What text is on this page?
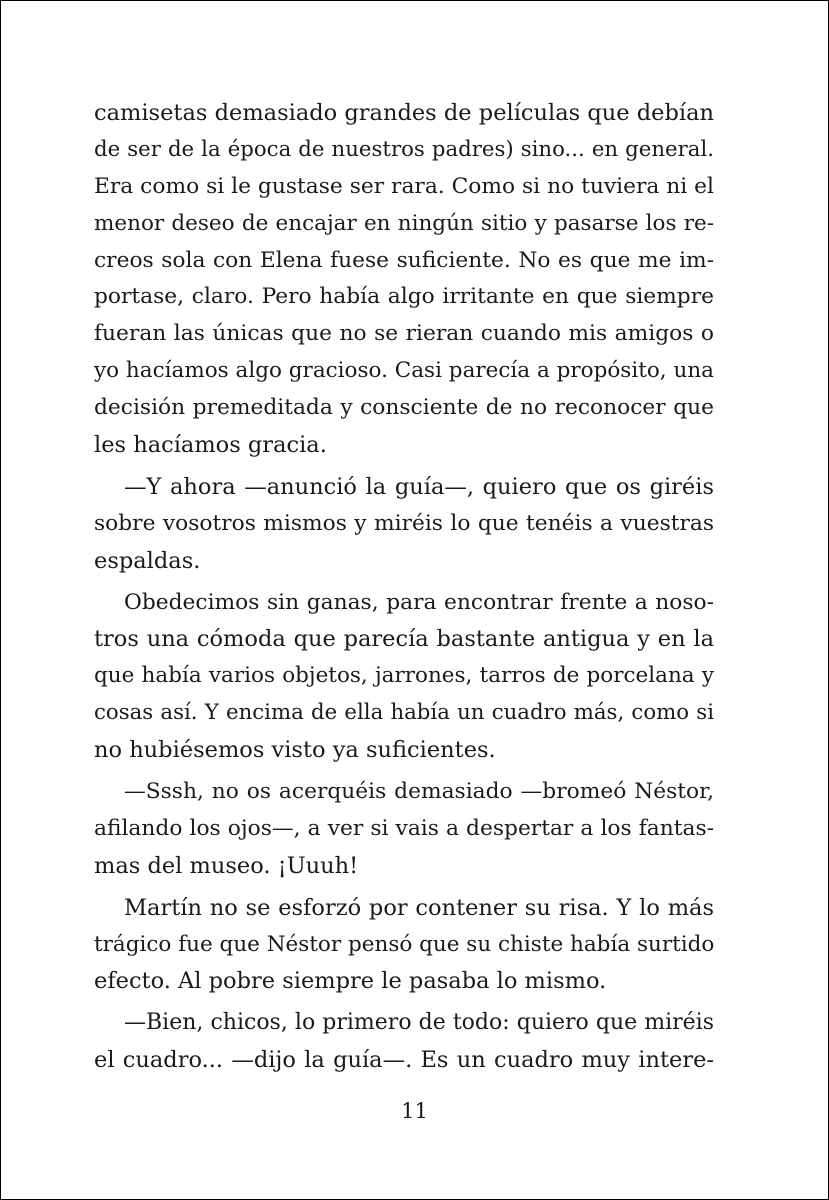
camisetas demasiado grandes de películas que debían
de ser de la época de nuestros padres) sino... en general.
Era como si le gustase ser rara. Como si no tuviera ni el
menor deseo de encajar en ningún sitio y pasarse los re-
creos sola con Elena fuese suficiente. No es que me im-
portase, claro. Pero había algo irritante en que siempre
fueran las únicas que no se rieran cuando mis amigos o
yo hacíamos algo gracioso. Casi parecía a propósito, una
decisión premeditada y consciente de no reconocer que
les hacíamos gracia.
—Y ahora —anunció la guía—, quiero que os giréis
sobre vosotros mismos y miréis lo que tenéis a vuestras
espaldas.
Obedecimos sin ganas, para encontrar frente a noso-
tros una cómoda que parecía bastante antigua y en la
que había varios objetos, jarrones, tarros de porcelana y
cosas así. Y encima de ella había un cuadro más, como si
no hubiésemos visto ya suficientes.
—Sssh, no os acerquéis demasiado —bromeó Néstor,
afilando los ojos—, a ver si vais a despertar a los fantas-
mas del museo. ¡Uuuh!
Martín no se esforzó por contener su risa. Y lo más
trágico fue que Néstor pensó que su chiste había surtido
efecto. Al pobre siempre le pasaba lo mismo.
—Bien, chicos, lo primero de todo: quiero que miréis
el cuadro... —dijo la guía—. Es un cuadro muy intere-
11
